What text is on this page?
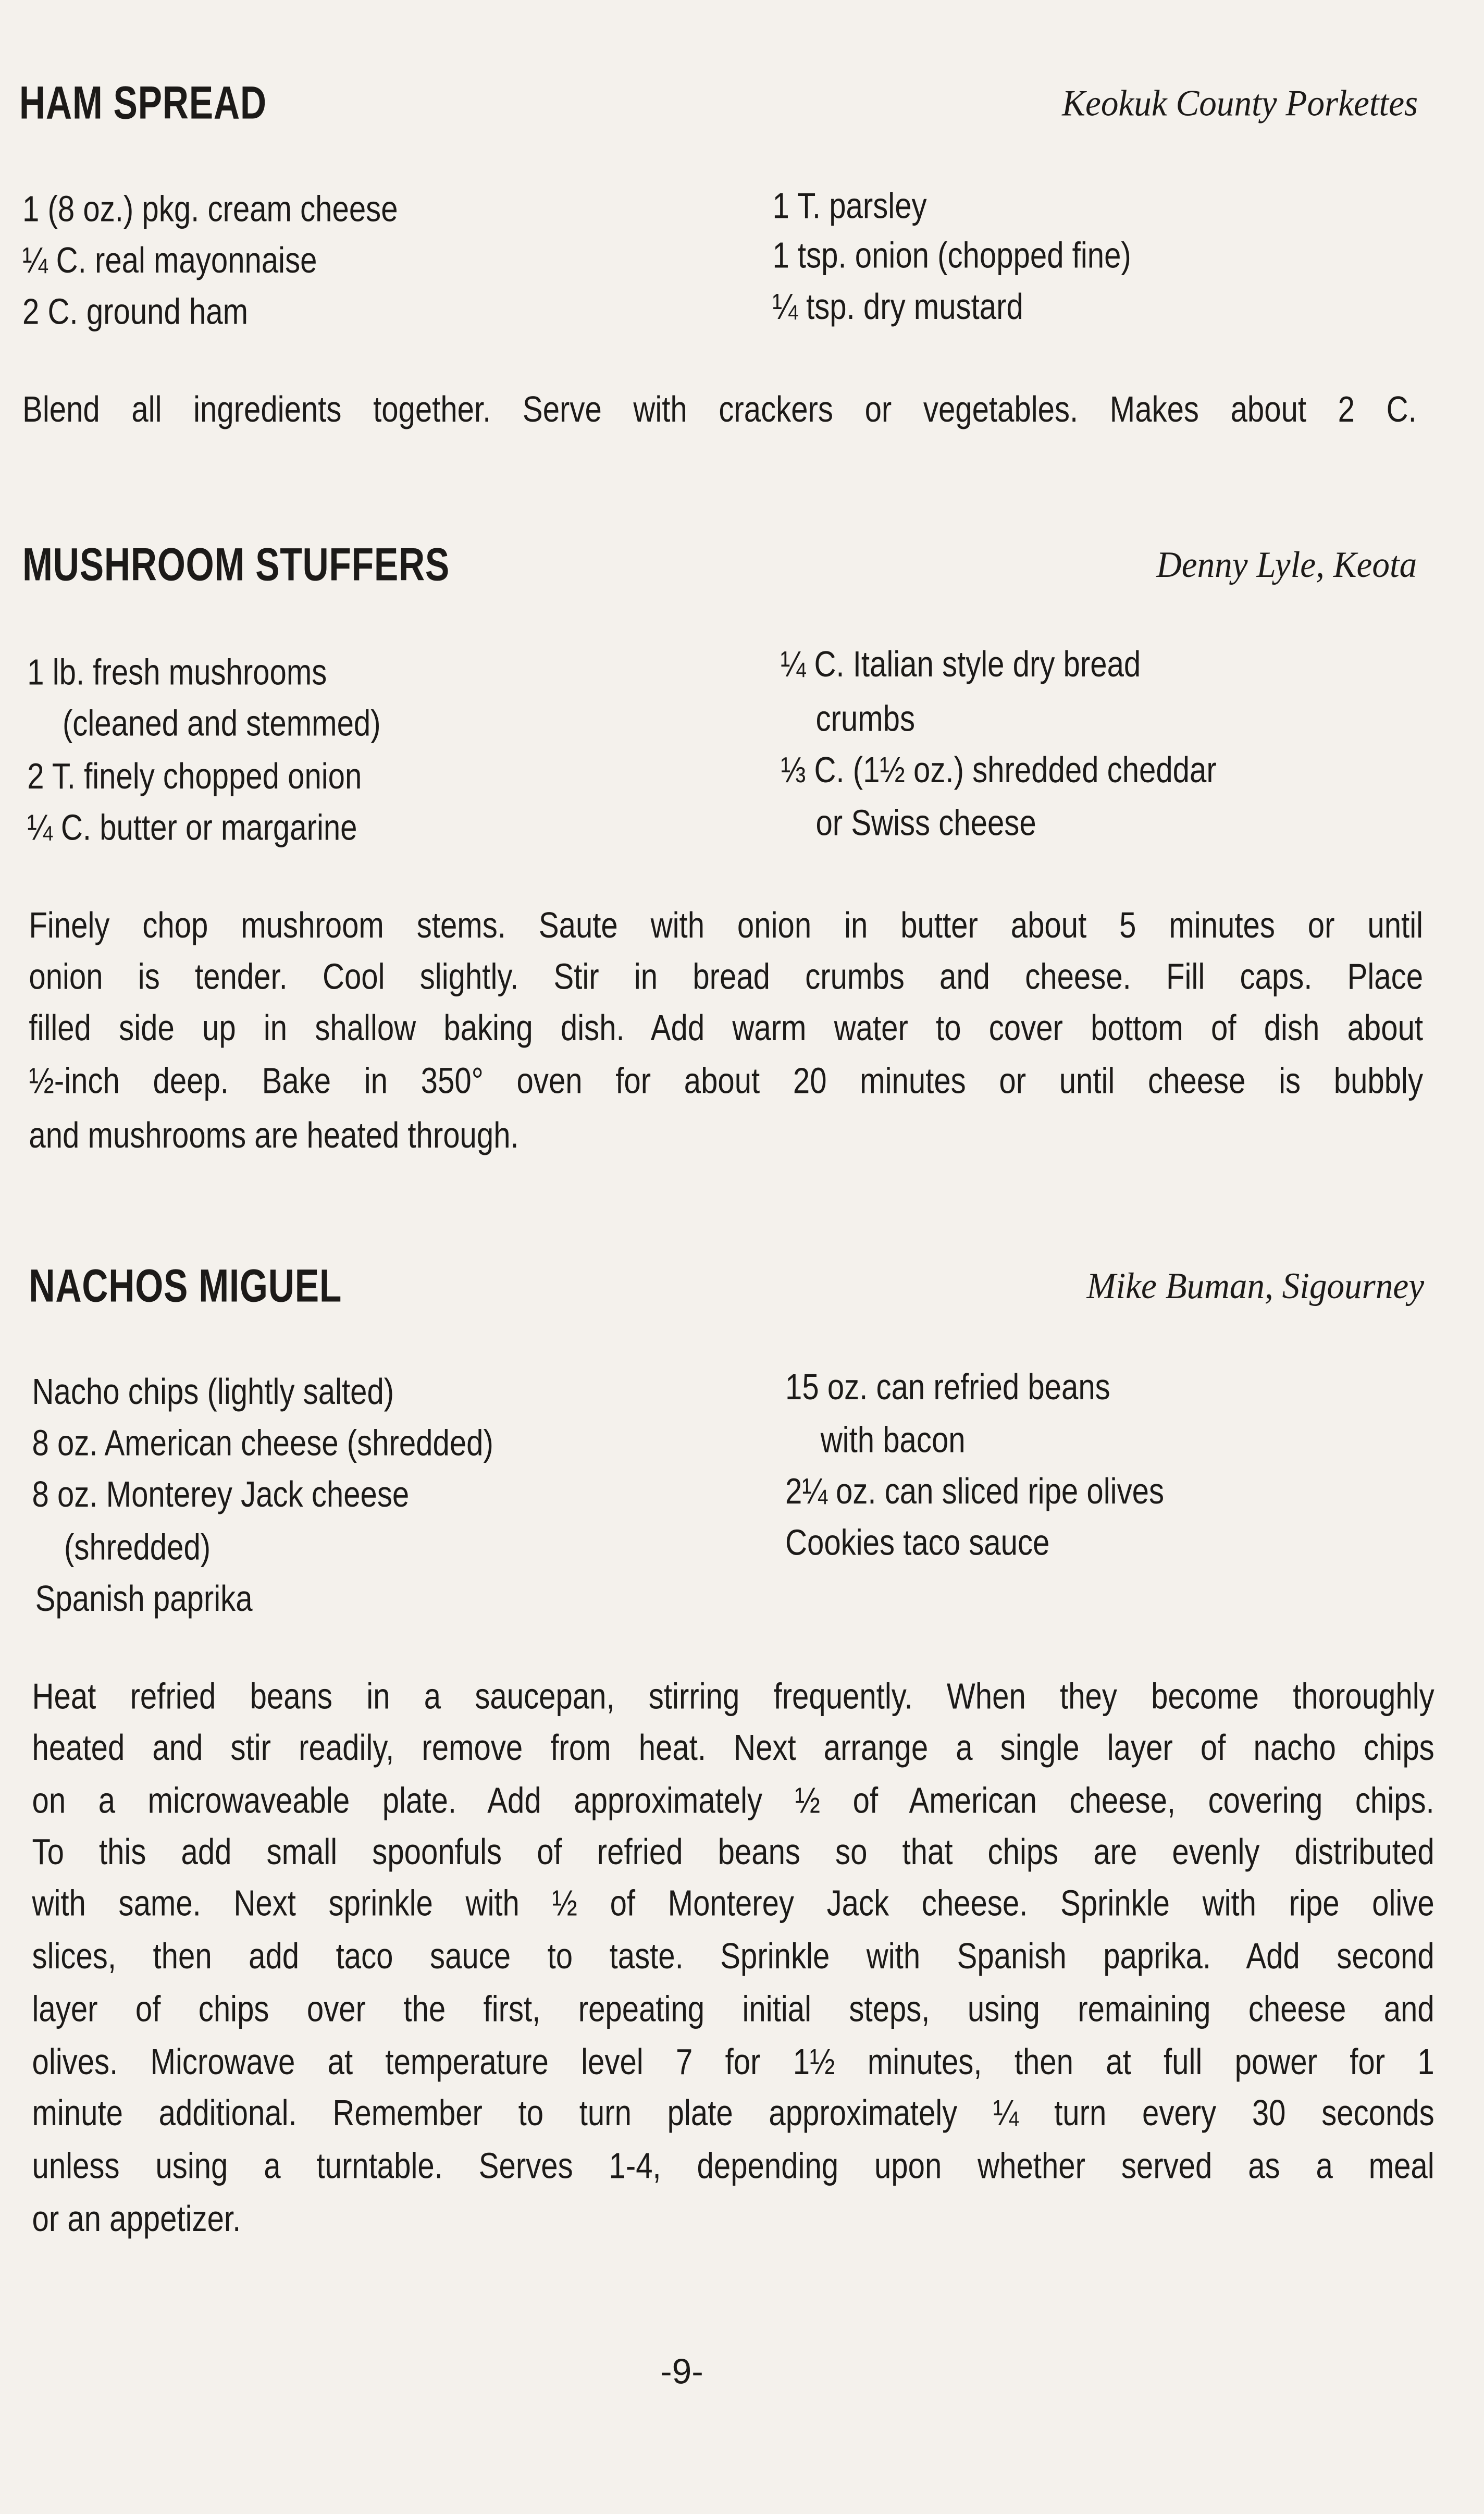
-9-
HAM SPREAD	Keokuk County Porkettes
1 (8 oz.) pkg. cream cheese
¼ C. real mayonnaise
2 C. ground ham
1 T. parsley
1 tsp. onion (chopped fine)
¼ tsp. dry mustard
Blend all ingredients together. Serve with crackers or vegetables. Makes about 2 C.
MUSHROOM STUFFERS	Denny Lyle, Keota
1 lb. fresh mushrooms
(cleaned and stemmed)
2 T. finely chopped onion
¼ C. butter or margarine
¼ C. Italian style dry bread
crumbs
⅓ C. (1½ oz.) shredded cheddar
or Swiss cheese
Finely chop mushroom stems. Saute with onion in butter about 5 minutes or until
onion is tender. Cool slightly. Stir in bread crumbs and cheese. Fill caps. Place
filled side up in shallow baking dish. Add warm water to cover bottom of dish about
½-inch deep. Bake in 350° oven for about 20 minutes or until cheese is bubbly
and mushrooms are heated through.
NACHOS MIGUEL	Mike Buman, Sigourney
Nacho chips (lightly salted)
8 oz. American cheese (shredded)
8 oz. Monterey Jack cheese
(shredded)
Spanish paprika
15 oz. can refried beans
with bacon
2¼ oz. can sliced ripe olives
Cookies taco sauce
Heat refried beans in a saucepan, stirring frequently. When they become thoroughly
heated and stir readily, remove from heat. Next arrange a single layer of nacho chips
on a microwaveable plate. Add approximately ½ of American cheese, covering chips.
To this add small spoonfuls of refried beans so that chips are evenly distributed
with same. Next sprinkle with ½ of Monterey Jack cheese. Sprinkle with ripe olive
slices, then add taco sauce to taste. Sprinkle with Spanish paprika. Add second
layer of chips over the first, repeating initial steps, using remaining cheese and
olives. Microwave at temperature level 7 for 1½ minutes, then at full power for 1
minute additional. Remember to turn plate approximately ¼ turn every 30 seconds
unless using a turntable. Serves 1-4, depending upon whether served as a meal
or an appetizer.
